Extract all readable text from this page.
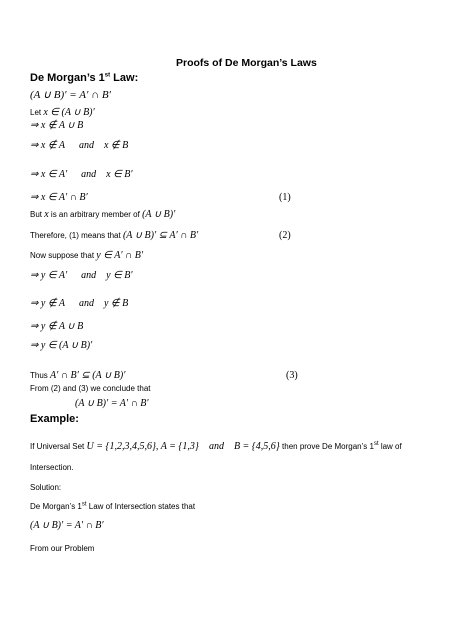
Proofs of De Morgan’s Laws
De Morgan’s 1st Law:
(A ∪ B)′ = A′ ∩ B′
Let x ∈ (A ∪ B)′
⇒ x ∉ A ∪ B
⇒ x ∉ A and x ∉ B
⇒ x ∈ A′ and x ∈ B′
⇒ x ∈ A′ ∩ B′	(1)
But x is an arbitrary member of (A ∪ B)′
Therefore, (1) means that (A ∪ B)′ ⊆ A′ ∩ B′	(2)
Now suppose that y ∈ A′ ∩ B′
⇒ y ∈ A′ and y ∈ B′
⇒ y ∉ A and y ∉ B
⇒ y ∉ A ∪ B
⇒ y ∈ (A ∪ B)′
Thus A′ ∩ B′ ⊆ (A ∪ B)′	(3)
From (2) and (3) we conclude that
(A ∪ B)′ = A′ ∩ B′
Example:
If Universal Set U = {1,2,3,4,5,6}, A = {1,3} and B = {4,5,6} then prove De Morgan’s 1st law of
Intersection.
Solution:
De Morgan’s 1st Law of Intersection states that
(A ∪ B)′ = A′ ∩ B′
From our Problem
